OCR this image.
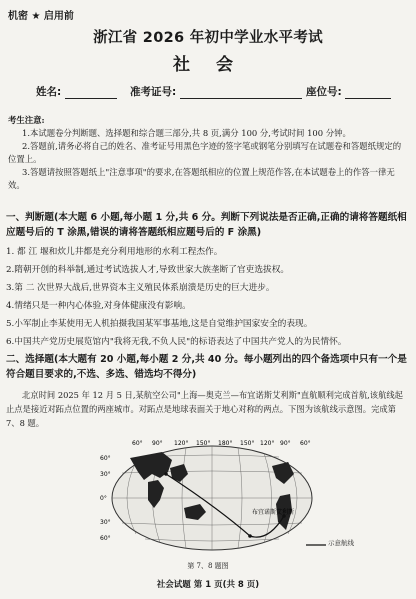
机密 ★ 启用前
浙江省 2026 年初中学业水平考试
社 会
姓名:	准考证号:	座位号:

考生注意:

1.本试题卷分判断题、选择题和综合题三部分,共 8 页,满分 100 分,考试时间 100 分钟。

2.答题前,请务必将自己的姓名、准考证号用黑色字迹的签字笔或钢笔分别填写在试题卷和答题纸规定的位置上。

3.答题请按照答题纸上"注意事项"的要求,在答题纸相应的位置上规范作答,在本试题卷上的作答一律无效。

一、判断题(本大题 6 小题,每小题 1 分,共 6 分。判断下列说法是否正确,正确的请将答题纸相应题号后的 T 涂黑,错误的请将答题纸相应题号后的 F 涂黑)
1. 都 江 堰和炊儿井都是充分利用地形的水利工程杰作。
2.隋朝开创的科举制,通过考试选拔人才,导致世家大族垄断了官吏选拔权。
3.第 二 次世界大战后,世界资本主义殖民体系崩溃是历史的巨大进步。
4.情绪只是一种内心体验,对身体健康没有影响。
5.小军制止李某使用无人机拍摄我国某军事基地,这是自觉维护国家安全的表现。
6.中国共产党历史展览馆内"我将无我,不负人民"的标语表达了中国共产党人的为民情怀。
二、选择题(本大题有 20 小题,每小题 2 分,共 40 分。每小题列出的四个备选项中只有一个是符合题目要求的,不选、多选、错选均不得分)
北京时间 2025 年 12 月 5 日,某航空公司"上海—奥克兰—布宜诺斯艾利斯"直航顺利完成首航,该航线起止点是接近对跖点位置的两座城市。对跖点是地球表面关于地心对称的两点。下图为该航线示意图。完成第 7、8 题。
60° 90° 120° 150° 180° 150° 120° 90° 60°
60°
30°
0°
30°
60°
布宜诺斯艾利斯
示意航线
第 7、8 题图
社会试题 第 1 页(共 8 页)
